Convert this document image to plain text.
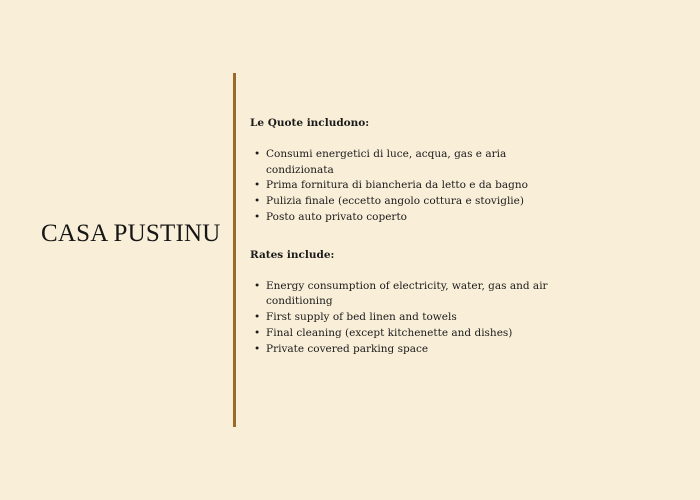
CASA PUSTINU

Le Quote includono:

• Consumi energetici di luce, acqua, gas e aria condizionata
• Prima fornitura di biancheria da letto e da bagno
• Pulizia finale (eccetto angolo cottura e stoviglie)
• Posto auto privato coperto

Rates include:

• Energy consumption of electricity, water, gas and air conditioning
• First supply of bed linen and towels
• Final cleaning (except kitchenette and dishes)
• Private covered parking space
